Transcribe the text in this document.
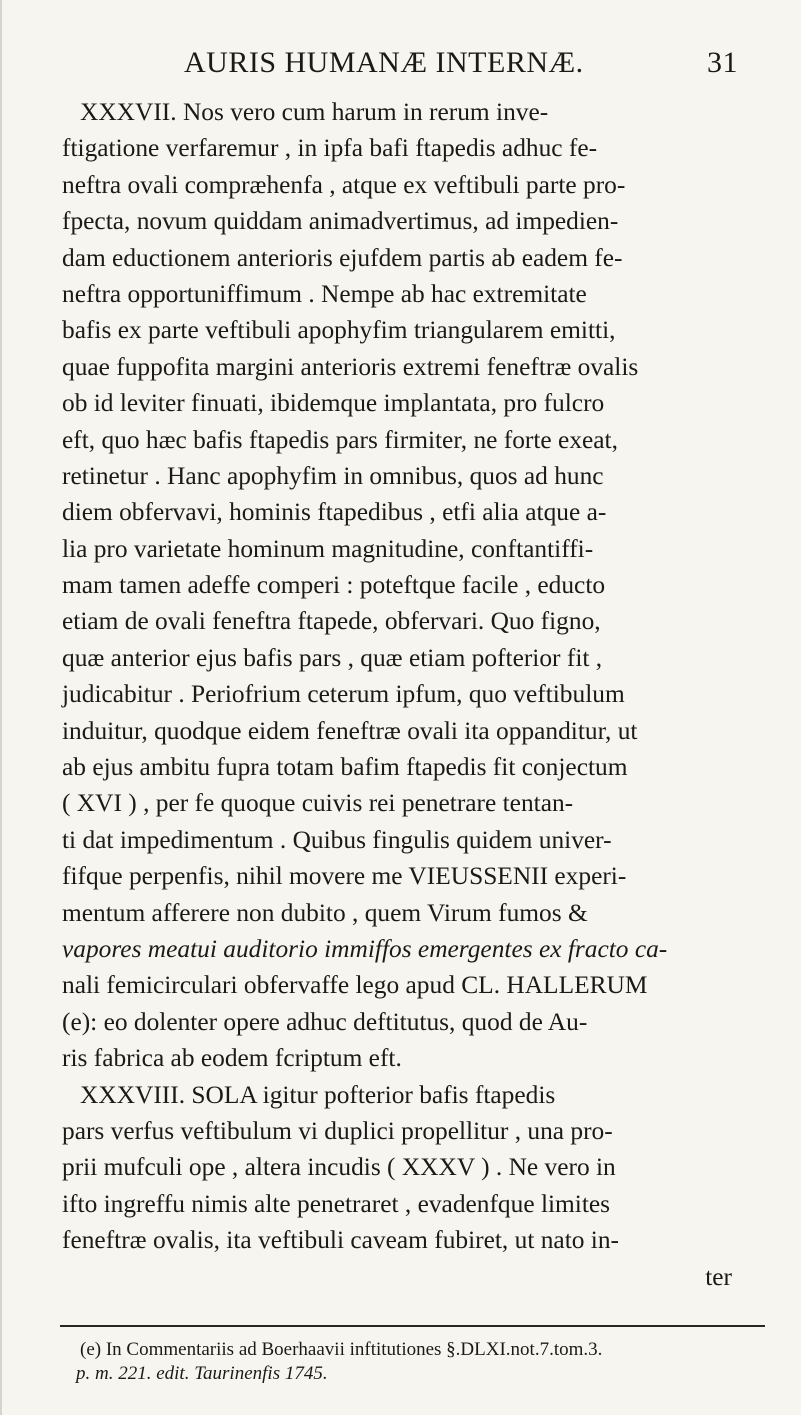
AURIS HUMANÆ INTERNÆ.	31
XXXVII. Nos vero cum harum in rerum inve-
ftigatione verfaremur , in ipfa bafi ftapedis adhuc fe-
neftra ovali compræhenfa , atque ex veftibuli parte pro-
fpecta, novum quiddam animadvertimus, ad impedien-
dam eductionem anterioris ejufdem partis ab eadem fe-
neftra opportuniffimum . Nempe ab hac extremitate
bafis ex parte veftibuli apophyfim triangularem emitti,
quae fuppofita margini anterioris extremi feneftræ ovalis
ob id leviter finuati, ibidemque implantata, pro fulcro
eft, quo hæc bafis ftapedis pars firmiter, ne forte exeat,
retinetur . Hanc apophyfim in omnibus, quos ad hunc
diem obfervavi, hominis ftapedibus , etfi alia atque a-
lia pro varietate hominum magnitudine, conftantiffi-
mam tamen adeffe comperi : poteftque facile , educto
etiam de ovali feneftra ftapede, obfervari. Quo figno,
quæ anterior ejus bafis pars , quæ etiam pofterior fit ,
judicabitur . Periofrium ceterum ipfum, quo veftibulum
induitur, quodque eidem feneftræ ovali ita oppanditur, ut
ab ejus ambitu fupra totam bafim ftapedis fit conjectum
( XVI ) , per fe quoque cuivis rei penetrare tentan-
ti dat impedimentum . Quibus fingulis quidem univer-
fifque perpenfis, nihil movere me VIEUSSENII experi-
mentum afferere non dubito , quem Virum fumos &
vapores meatui auditorio immiffos emergentes ex fracto ca-
nali femicirculari obfervaffe lego apud CL. HALLERUM
(e): eo dolenter opere adhuc deftitutus, quod de Au-
ris fabrica ab eodem fcriptum eft.
XXXVIII. SOLA igitur pofterior bafis ftapedis
pars verfus veftibulum vi duplici propellitur , una pro-
prii mufculi ope , altera incudis ( XXXV ) . Ne vero in
ifto ingreffu nimis alte penetraret , evadenfque limites
feneftræ ovalis, ita veftibuli caveam fubiret, ut nato in-
ter
(e) In Commentariis ad Boerhaavii inftitutiones §.DLXI.not.7.tom.3.
p. m. 221. edit. Taurinenfis 1745.
